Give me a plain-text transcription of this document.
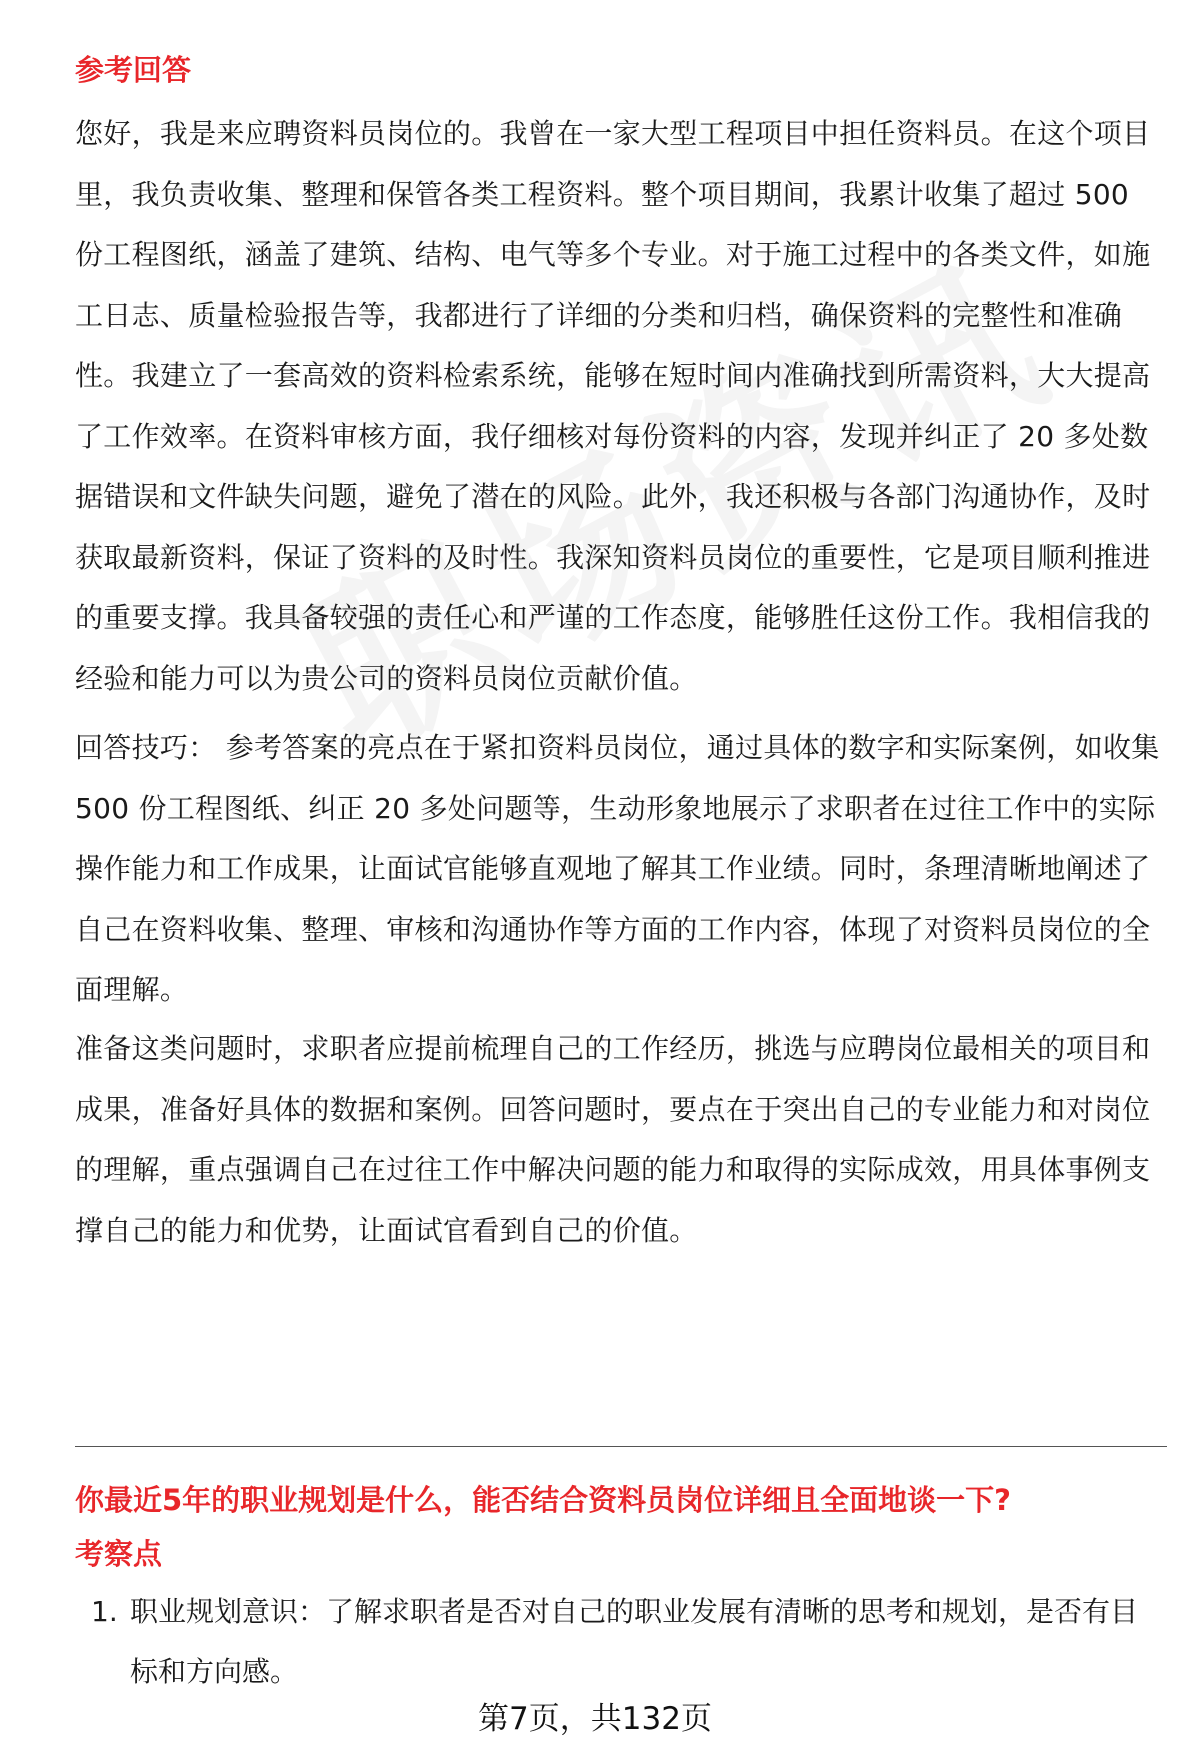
参考回答

您好，我是来应聘资料员岗位的。我曾在一家大型工程项目中担任资料员。在这个项目里，我负责收集、整理和保管各类工程资料。整个项目期间，我累计收集了超过 500 份工程图纸，涵盖了建筑、结构、电气等多个专业。对于施工过程中的各类文件，如施工日志、质量检验报告等，我都进行了详细的分类和归档，确保资料的完整性和准确性。我建立了一套高效的资料检索系统，能够在短时间内准确找到所需资料，大大提高了工作效率。在资料审核方面，我仔细核对每份资料的内容，发现并纠正了 20 多处数据错误和文件缺失问题，避免了潜在的风险。此外，我还积极与各部门沟通协作，及时获取最新资料，保证了资料的及时性。我深知资料员岗位的重要性，它是项目顺利推进的重要支撑。我具备较强的责任心和严谨的工作态度，能够胜任这份工作。我相信我的经验和能力可以为贵公司的资料员岗位贡献价值。

回答技巧： 参考答案的亮点在于紧扣资料员岗位，通过具体的数字和实际案例，如收集 500 份工程图纸、纠正 20 多处问题等，生动形象地展示了求职者在过往工作中的实际操作能力和工作成果，让面试官能够直观地了解其工作业绩。同时，条理清晰地阐述了自己在资料收集、整理、审核和沟通协作等方面的工作内容，体现了对资料员岗位的全面理解。

准备这类问题时，求职者应提前梳理自己的工作经历，挑选与应聘岗位最相关的项目和成果，准备好具体的数据和案例。回答问题时，要点在于突出自己的专业能力和对岗位的理解，重点强调自己在过往工作中解决问题的能力和取得的实际成效，用具体事例支撑自己的能力和优势，让面试官看到自己的价值。

你最近5年的职业规划是什么，能否结合资料员岗位详细且全面地谈一下?
考察点
1. 职业规划意识：了解求职者是否对自己的职业发展有清晰的思考和规划，是否有目标和方向感。
第7页，共132页
